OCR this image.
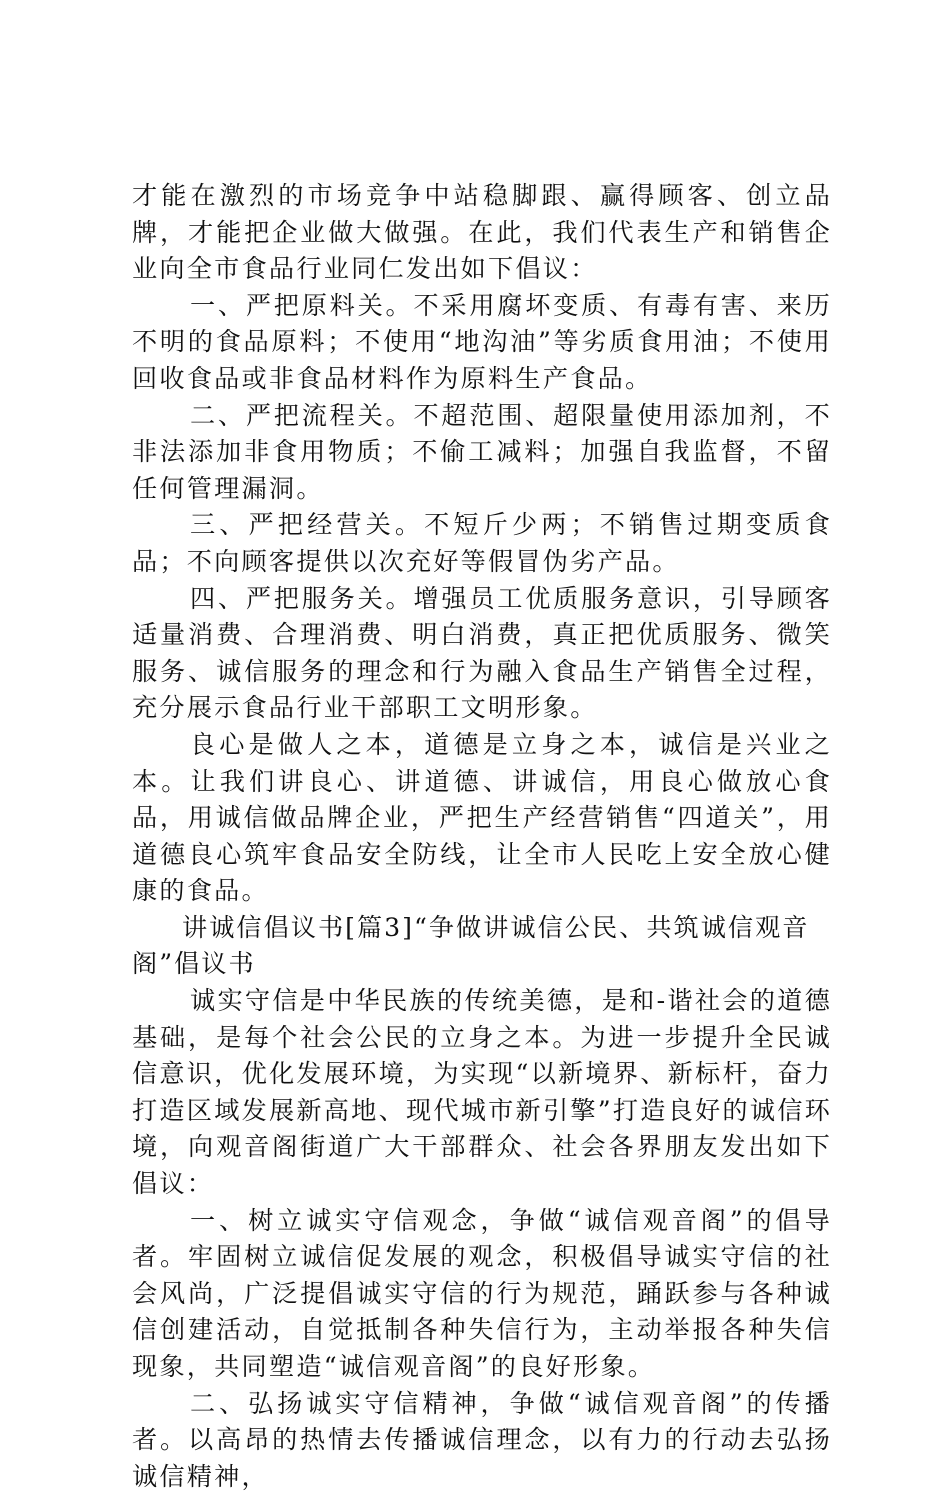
才能在激烈的市场竞争中站稳脚跟、赢得顾客、创立品牌，才能把企业做大做强。在此，我们代表生产和销售企业向全市食品行业同仁发出如下倡议：

一、严把原料关。不采用腐坏变质、有毒有害、来历不明的食品原料；不使用“地沟油”等劣质食用油；不使用回收食品或非食品材料作为原料生产食品。

二、严把流程关。不超范围、超限量使用添加剂，不非法添加非食用物质；不偷工减料；加强自我监督，不留任何管理漏洞。

三、严把经营关。不短斤少两；不销售过期变质食品；不向顾客提供以次充好等假冒伪劣产品。

四、严把服务关。增强员工优质服务意识，引导顾客适量消费、合理消费、明白消费，真正把优质服务、微笑服务、诚信服务的理念和行为融入食品生产销售全过程，充分展示食品行业干部职工文明形象。

良心是做人之本，道德是立身之本，诚信是兴业之本。让我们讲良心、讲道德、讲诚信，用良心做放心食品，用诚信做品牌企业，严把生产经营销售“四道关”，用道德良心筑牢食品安全防线，让全市人民吃上安全放心健康的食品。

讲诚信倡议书[篇3]“争做讲诚信公民、共筑诚信观音阁”倡议书

诚实守信是中华民族的传统美德，是和-谐社会的道德基础，是每个社会公民的立身之本。为进一步提升全民诚信意识，优化发展环境，为实现“以新境界、新标杆，奋力打造区域发展新高地、现代城市新引擎”打造良好的诚信环境，向观音阁街道广大干部群众、社会各界朋友发出如下倡议：

一、树立诚实守信观念，争做“诚信观音阁”的倡导者。牢固树立诚信促发展的观念，积极倡导诚实守信的社会风尚，广泛提倡诚实守信的行为规范，踊跃参与各种诚信创建活动，自觉抵制各种失信行为，主动举报各种失信现象，共同塑造“诚信观音阁”的良好形象。

二、弘扬诚实守信精神，争做“诚信观音阁”的传播者。以高昂的热情去传播诚信理念，以有力的行动去弘扬诚信精神，
